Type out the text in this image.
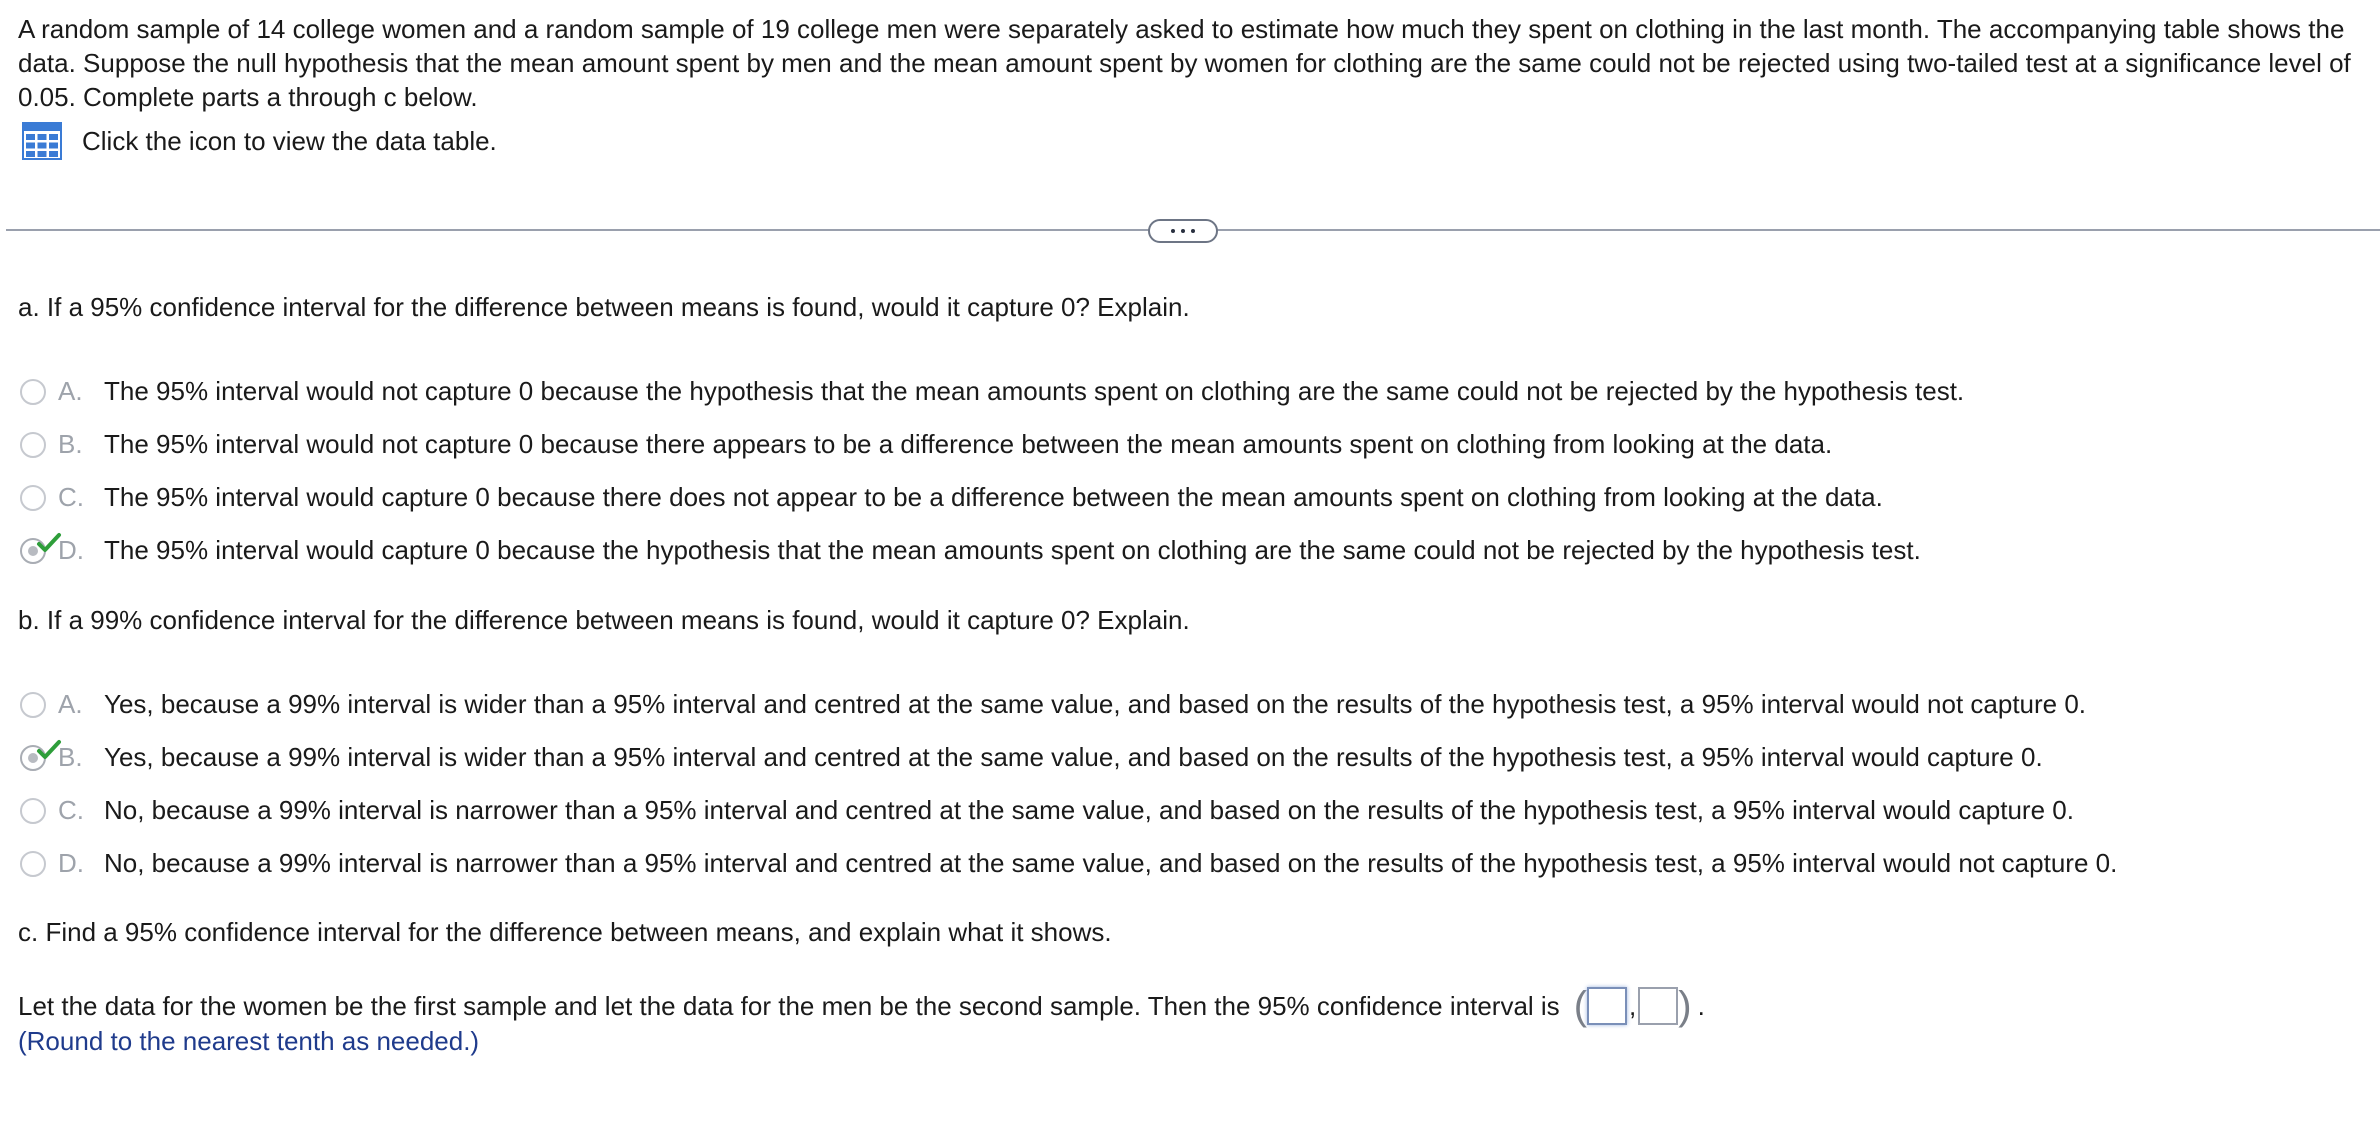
A random sample of 14 college women and a random sample of 19 college men were separately asked to estimate how much they spent on clothing in the last month. The accompanying table shows the data. Suppose the null hypothesis that the mean amount spent by men and the mean amount spent by women for clothing are the same could not be rejected using two-tailed test at a significance level of 0.05. Complete parts a through c below.
Click the icon to view the data table.
a. If a 95% confidence interval for the difference between means is found, would it capture 0? Explain.
A. The 95% interval would not capture 0 because the hypothesis that the mean amounts spent on clothing are the same could not be rejected by the hypothesis test.
B. The 95% interval would not capture 0 because there appears to be a difference between the mean amounts spent on clothing from looking at the data.
C. The 95% interval would capture 0 because there does not appear to be a difference between the mean amounts spent on clothing from looking at the data.
D. The 95% interval would capture 0 because the hypothesis that the mean amounts spent on clothing are the same could not be rejected by the hypothesis test.
b. If a 99% confidence interval for the difference between means is found, would it capture 0? Explain.
A. Yes, because a 99% interval is wider than a 95% interval and centred at the same value, and based on the results of the hypothesis test, a 95% interval would not capture 0.
B. Yes, because a 99% interval is wider than a 95% interval and centred at the same value, and based on the results of the hypothesis test, a 95% interval would capture 0.
C. No, because a 99% interval is narrower than a 95% interval and centred at the same value, and based on the results of the hypothesis test, a 95% interval would capture 0.
D. No, because a 99% interval is narrower than a 95% interval and centred at the same value, and based on the results of the hypothesis test, a 95% interval would not capture 0.
c. Find a 95% confidence interval for the difference between means, and explain what it shows.
Let the data for the women be the first sample and let the data for the men be the second sample. Then the 95% confidence interval is ( , ) .
(Round to the nearest tenth as needed.)
